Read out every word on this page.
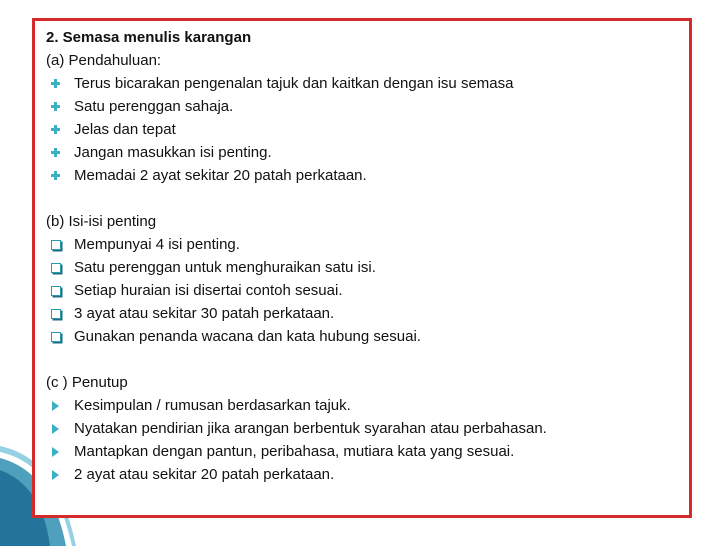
2. Semasa menulis karangan
(a) Pendahuluan:
Terus bicarakan pengenalan tajuk dan kaitkan dengan isu semasa
Satu perenggan sahaja.
Jelas dan tepat
Jangan masukkan isi penting.
Memadai 2 ayat sekitar 20 patah perkataan.
(b) Isi-isi penting
Mempunyai 4 isi penting.
Satu perenggan untuk menghuraikan satu isi.
Setiap huraian isi disertai contoh sesuai.
3 ayat atau sekitar 30 patah perkataan.
Gunakan penanda wacana dan kata hubung sesuai.
(c ) Penutup
Kesimpulan / rumusan berdasarkan tajuk.
Nyatakan pendirian jika arangan berbentuk syarahan atau perbahasan.
Mantapkan dengan pantun, peribahasa, mutiara kata yang sesuai.
2 ayat atau sekitar 20 patah perkataan.
